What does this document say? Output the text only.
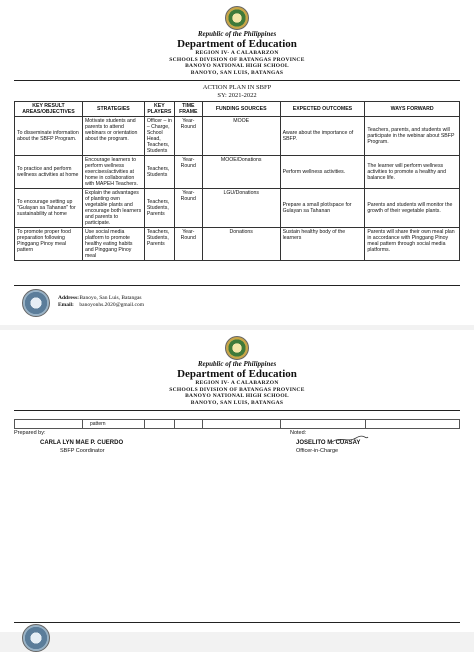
Republic of the Philippines
Department of Education
REGION IV- A CALABARZON
SCHOOLS DIVISION OF BATANGAS PROVINCE
BANOYO NATIONAL HIGH SCHOOL
BANOYO, SAN LUIS, BATANGAS
ACTION PLAN IN SBFP
SY: 2021-2022
KEY RESULT AREAS/OBJECTIVES	STRATEGIES	KEY PLAYERS	TIME FRAME	FUNDING SOURCES	EXPECTED OUTCOMES	WAYS FORWARD
To disseminate information about the SBFP Program.	Motivate students and parents to attend webinars or orientation about the program.	Officer – in – Charge, School Head, Teachers, Students	Year-Round	MOOE	Aware about the importance of SBFP.	Teachers, parents, and students will participate in the webinar about SBFP Program.
To practice and perform wellness activities at home	Encourage learners to perform wellness exercises/activities at home in collaboration with MAPEH Teachers.	Teachers, Students	Year-Round	MOOE/Donations	Perform wellness activities.	The learner will perform wellness activities to promote a healthy and balance life.
To encourage setting up "Gulayan sa Tahanan" for sustainability at home	Explain the advantages of planting own vegetable plants and encourage both learners and parents to participate.	Teachers, Students, Parents	Year-Round	LGU/Donations	Prepare a small plot/space for Gulayan sa Tahanan	Parents and students will monitor the growth of their vegetable plants.
To promote proper food preparation following Pinggang Pinoy meal pattern	Use social media platform to promote healthy eating habits and Pinggang Pinoy meal	Teachers, Students, Parents	Year-Round	Donations	Sustain healthy body of the learners	Parents will share their own meal plan in accordance with Pinggang Pinoy meal pattern through social media platforms.
Address: Banoyo, San Luis, Batangas
Email: banoyonhs.2020@gmail.com
Republic of the Philippines
Department of Education
REGION IV- A CALABARZON
SCHOOLS DIVISION OF BATANGAS PROVINCE
BANOYO NATIONAL HIGH SCHOOL
BANOYO, SAN LUIS, BATANGAS
pattern
Prepared by:	Noted:
CARLA LYN MAE P. CUERDO
SBFP Coordinator
JOSELITO M. CUASAY
Officer-in-Charge
